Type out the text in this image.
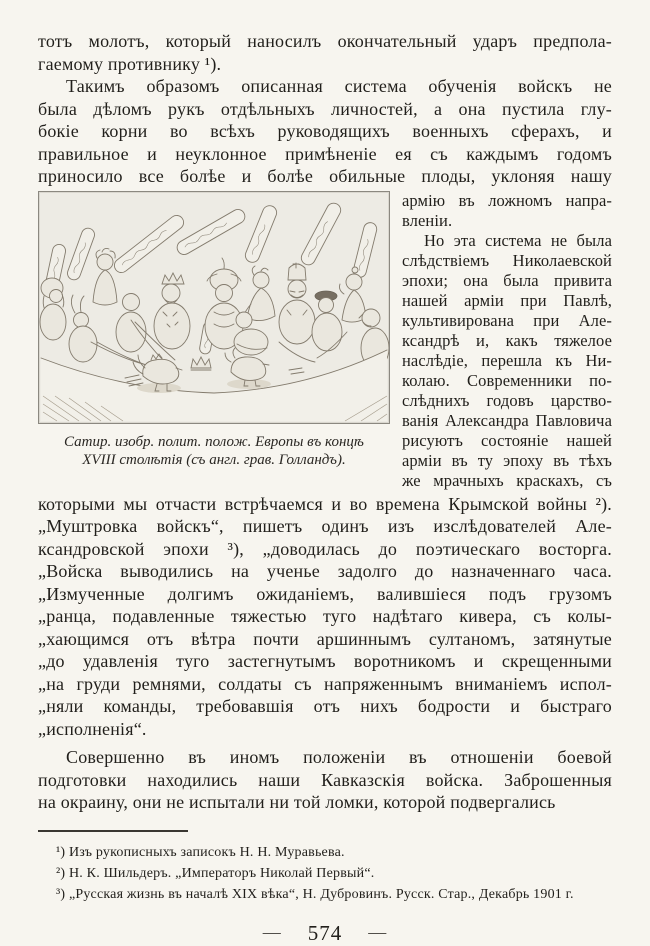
тотъ молотъ, который наносилъ окончательный ударъ предпола-
гаемому противнику ¹).
Такимъ образомъ описанная система обученія войскъ не
была дѣломъ рукъ отдѣльныхъ личностей, а она пустила глу-
бокіе корни во всѣхъ руководящихъ военныхъ сферахъ, и
правильное и неуклонное примѣненіе ея съ каждымъ годомъ
приносило все болѣе и болѣе обильные плоды, уклоняя нашу
Сатир. изобр. полит. полож. Европы въ концѣ
XVIII столѣтія (съ англ. грав. Голландъ).
армію въ ложномъ напра-
вленіи.
Но эта система не была
слѣдствіемъ Николаевской
эпохи; она была привита
нашей арміи при Павлѣ,
культивирована при Але-
ксандрѣ и, какъ тяжелое
наслѣдіе, перешла къ Ни-
колаю. Современники по-
слѣднихъ годовъ царство-
ванія Александра Павловича
рисуютъ состояніе нашей
арміи въ ту эпоху въ тѣхъ
же мрачныхъ краскахъ, съ
которыми мы отчасти встрѣчаемся и во времена Крымской войны ²).
„Муштровка войскъ“, пишетъ одинъ изъ изслѣдователей Але-
ксандровской эпохи ³), „доводилась до поэтическаго восторга.
„Войска выводились на ученье задолго до назначеннаго часа.
„Измученные долгимъ ожиданіемъ, валившіеся подъ грузомъ
„ранца, подавленные тяжестью туго надѣтаго кивера, съ колы-
„хающимся отъ вѣтра почти аршиннымъ султаномъ, затянутые
„до удавленія туго застегнутымъ воротникомъ и скрещенными
„на груди ремнями, солдаты съ напряженнымъ вниманіемъ испол-
„няли команды, требовавшія отъ нихъ бодрости и быстраго
„исполненія“.
Совершенно въ иномъ положеніи въ отношеніи боевой
подготовки находились наши Кавказскія войска. Заброшенныя
на окраину, они не испытали ни той ломки, которой подвергались
¹) Изъ рукописныхъ записокъ Н. Н. Муравьева.
²) Н. К. Шильдеръ. „Императоръ Николай Первый“.
³) „Русская жизнь въ началѣ XIX вѣка“, Н. Дубровинъ. Русск. Стар., Декабрь 1901 г.
— 574 —
